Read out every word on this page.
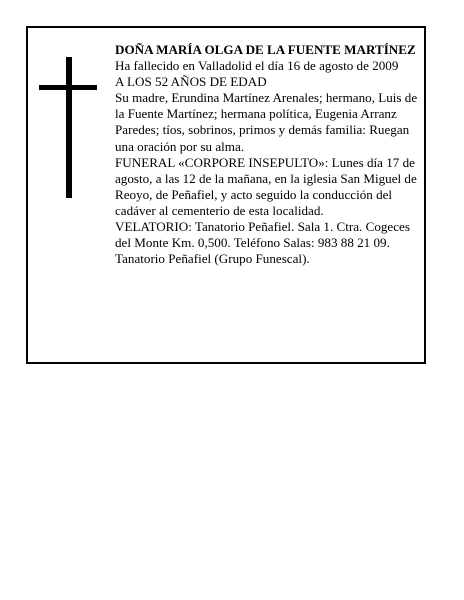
DOÑA MARÍA OLGA DE LA FUENTE MARTÍNEZ

Ha fallecido en Valladolid el día 16 de agosto de 2009

A LOS 52 AÑOS DE EDAD

Su madre, Erundina Martínez Arenales; hermano, Luis de la Fuente Martínez; hermana política, Eugenia Arranz Paredes; tíos, sobrinos, primos y demás familia: Ruegan una oración por su alma.

FUNERAL «CORPORE INSEPULTO»: Lunes día 17 de agosto, a las 12 de la mañana, en la iglesia San Miguel de Reoyo, de Peñafiel, y acto seguido la conducción del cadáver al cementerio de esta localidad.

VELATORIO: Tanatorio Peñafiel. Sala 1. Ctra. Cogeces del Monte Km. 0,500. Teléfono Salas: 983 88 21 09.

Tanatorio Peñafiel (Grupo Funescal).
